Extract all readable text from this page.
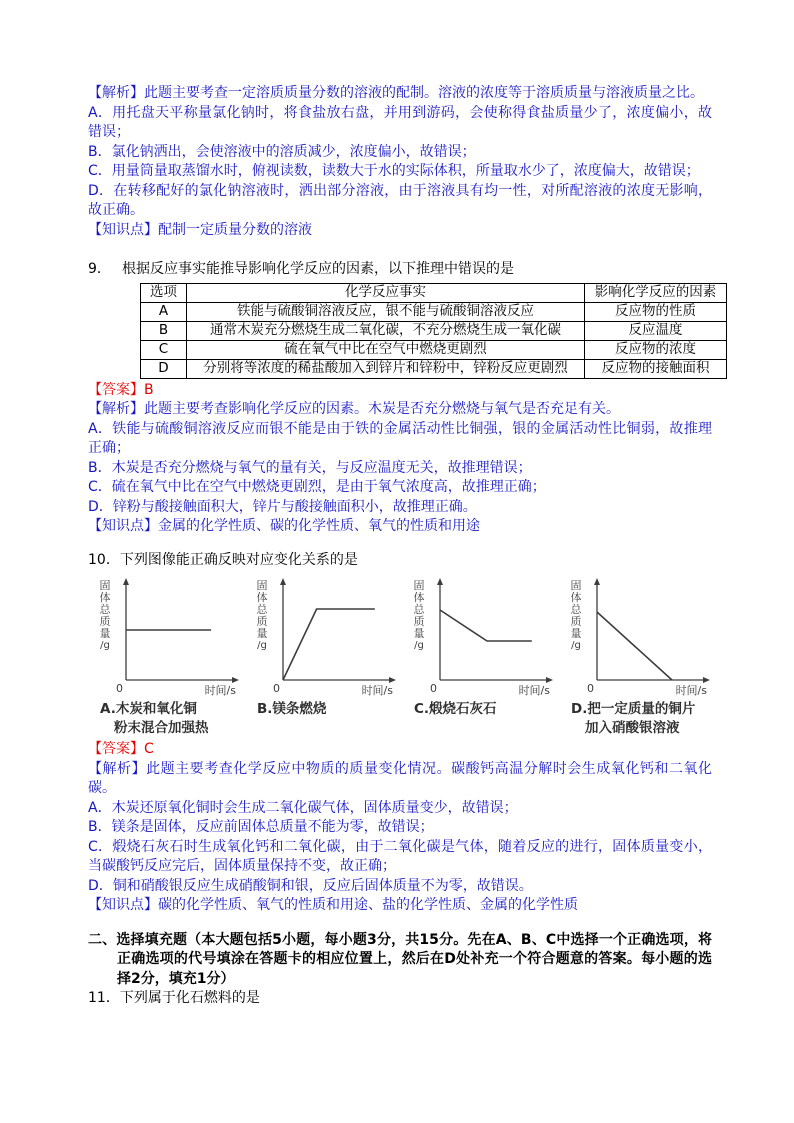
【解析】此题主要考查一定溶质质量分数的溶液的配制。溶液的浓度等于溶质质量与溶液质量之比。

A．用托盘天平称量氯化钠时，将食盐放右盘，并用到游码，会使称得食盐质量少了，浓度偏小，故错误；

B．氯化钠洒出，会使溶液中的溶质减少，浓度偏小，故错误；

C．用量筒量取蒸馏水时，俯视读数，读数大于水的实际体积，所量取水少了，浓度偏大，故错误；

D．在转移配好的氯化钠溶液时，洒出部分溶液，由于溶液具有均一性，对所配溶液的浓度无影响，故正确。

【知识点】配制一定质量分数的溶液

9． 根据反应事实能推导影响化学反应的因素，以下推理中错误的是

选项	化学反应事实	影响化学反应的因素
A	铁能与硫酸铜溶液反应，银不能与硫酸铜溶液反应	反应物的性质
B	通常木炭充分燃烧生成二氧化碳，不充分燃烧生成一氧化碳	反应温度
C	硫在氧气中比在空气中燃烧更剧烈	反应物的浓度
D	分别将等浓度的稀盐酸加入到锌片和锌粉中，锌粉反应更剧烈	反应物的接触面积

【答案】B

【解析】此题主要考查影响化学反应的因素。木炭是否充分燃烧与氧气是否充足有关。

A．铁能与硫酸铜溶液反应而银不能是由于铁的金属活动性比铜强，银的金属活动性比铜弱，故推理正确；

B．木炭是否充分燃烧与氧气的量有关，与反应温度无关，故推理错误；

C．硫在氧气中比在空气中燃烧更剧烈，是由于氧气浓度高，故推理正确；

D．锌粉与酸接触面积大，锌片与酸接触面积小，故推理正确。

【知识点】金属的化学性质、碳的化学性质、氧气的性质和用途

10．下列图像能正确反映对应变化关系的是

固体总质量
/g
0	时间/s
A.木炭和氧化铜
粉末混合加强热
固体总质量
/g
0	时间/s
B.镁条燃烧
固体总质量
/g
0	时间/s
C.煅烧石灰石
固体总质量
/g
0	时间/s
D.把一定质量的铜片
加入硝酸银溶液

【答案】C

【解析】此题主要考查化学反应中物质的质量变化情况。碳酸钙高温分解时会生成氧化钙和二氧化碳。

A．木炭还原氧化铜时会生成二氧化碳气体，固体质量变少，故错误；

B．镁条是固体，反应前固体总质量不能为零，故错误；

C．煅烧石灰石时生成氧化钙和二氧化碳，由于二氧化碳是气体，随着反应的进行，固体质量变小，当碳酸钙反应完后，固体质量保持不变，故正确；

D．铜和硝酸银反应生成硝酸铜和银，反应后固体质量不为零，故错误。

【知识点】碳的化学性质、氧气的性质和用途、盐的化学性质、金属的化学性质

二、选择填充题（本大题包括5小题，每小题3分，共15分。先在A、B、C中选择一个正确选项，将正确选项的代号填涂在答题卡的相应位置上，然后在D处补充一个符合题意的答案。每小题的选择2分，填充1分）

11．下列属于化石燃料的是
